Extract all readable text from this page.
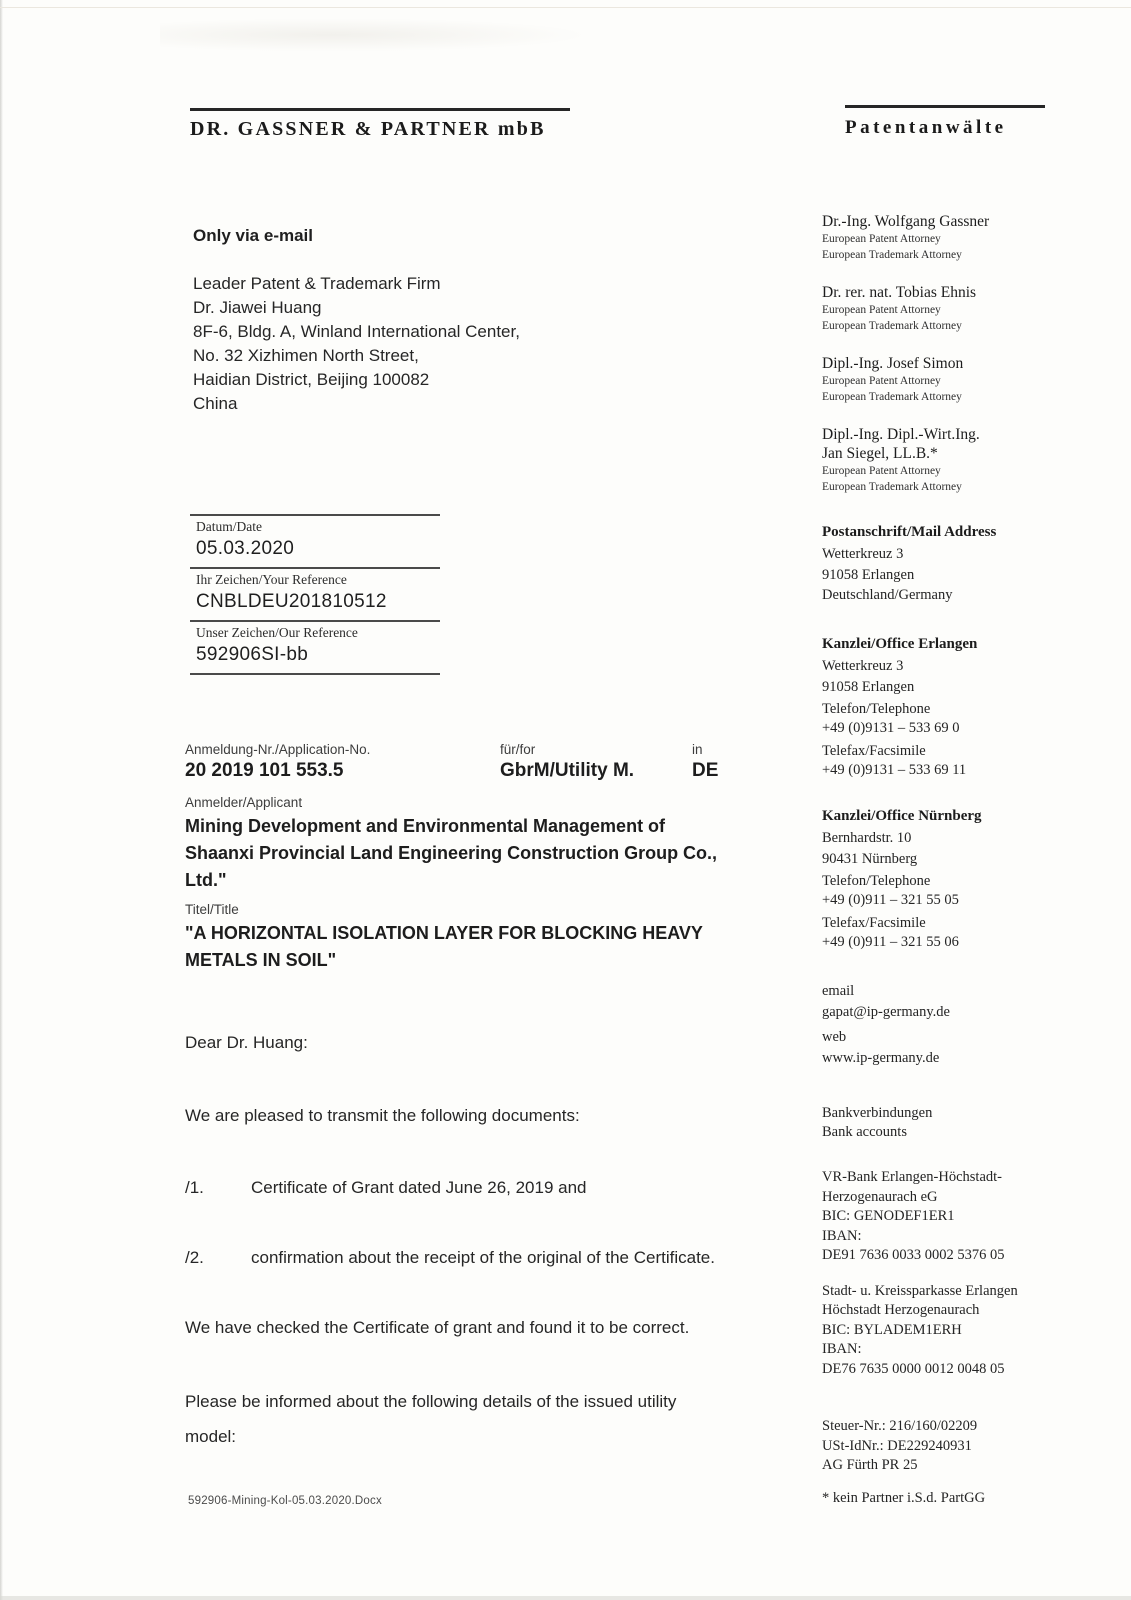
DR. GASSNER & PARTNER mbB	Patentanwälte
Only via e-mail
Leader Patent & Trademark Firm
Dr. Jiawei Huang
8F-6, Bldg. A, Winland International Center,
No. 32 Xizhimen North Street,
Haidian District, Beijing 100082
China
Datum/Date
05.03.2020
Ihr Zeichen/Your Reference
CNBLDEU201810512
Unser Zeichen/Our Reference
592906SI-bb
Anmeldung-Nr./Application-No.
20 2019 101 553.5
für/for
GbrM/Utility M.
in
DE
Anmelder/Applicant
Mining Development and Environmental Management of
Shaanxi Provincial Land Engineering Construction Group Co.,
Ltd."
Titel/Title
"A HORIZONTAL ISOLATION LAYER FOR BLOCKING HEAVY
METALS IN SOIL"
Dear Dr. Huang:
We are pleased to transmit the following documents:
/1.	Certificate of Grant dated June 26, 2019 and
/2.	confirmation about the receipt of the original of the Certificate.
We have checked the Certificate of grant and found it to be correct.
Please be informed about the following details of the issued utility
model:
592906-Mining-Kol-05.03.2020.Docx
Dr.-Ing. Wolfgang Gassner
European Patent Attorney
European Trademark Attorney
Dr. rer. nat. Tobias Ehnis
European Patent Attorney
European Trademark Attorney
Dipl.-Ing. Josef Simon
European Patent Attorney
European Trademark Attorney
Dipl.-Ing. Dipl.-Wirt.Ing.
Jan Siegel, LL.B.*
European Patent Attorney
European Trademark Attorney
Postanschrift/Mail Address
Wetterkreuz 3
91058 Erlangen
Deutschland/Germany
Kanzlei/Office Erlangen
Wetterkreuz 3
91058 Erlangen
Telefon/Telephone
+49 (0)9131 – 533 69 0
Telefax/Facsimile
+49 (0)9131 – 533 69 11
Kanzlei/Office Nürnberg
Bernhardstr. 10
90431 Nürnberg
Telefon/Telephone
+49 (0)911 – 321 55 05
Telefax/Facsimile
+49 (0)911 – 321 55 06
email
gapat@ip-germany.de
web
www.ip-germany.de
Bankverbindungen
Bank accounts
VR-Bank Erlangen-Höchstadt-
Herzogenaurach eG
BIC: GENODEF1ER1
IBAN:
DE91 7636 0033 0002 5376 05
Stadt- u. Kreissparkasse Erlangen
Höchstadt Herzogenaurach
BIC: BYLADEM1ERH
IBAN:
DE76 7635 0000 0012 0048 05
Steuer-Nr.: 216/160/02209
USt-IdNr.: DE229240931
AG Fürth PR 25
* kein Partner i.S.d. PartGG
